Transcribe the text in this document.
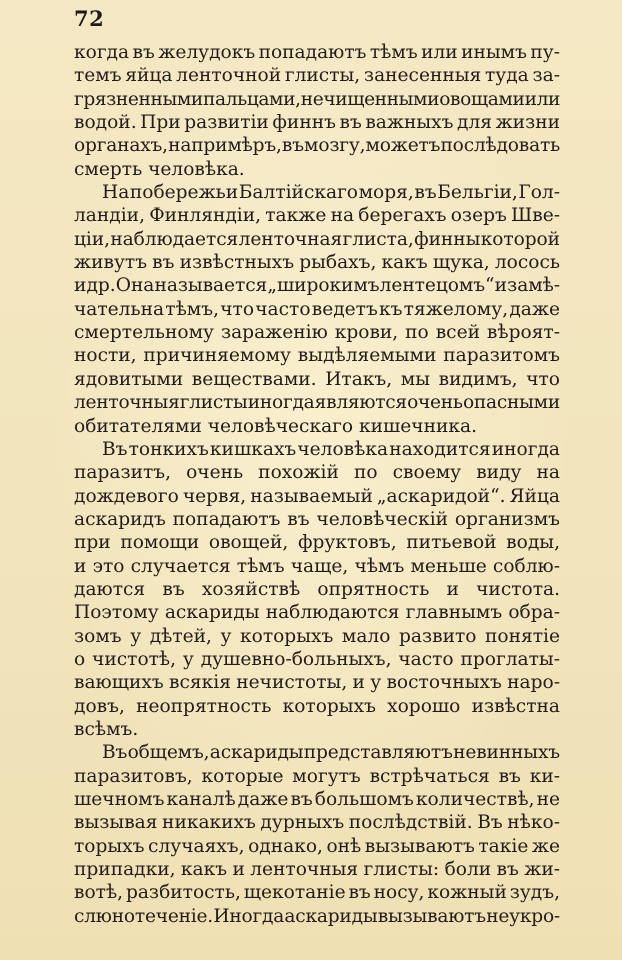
72
когда въ желудокъ попадаютъ тѣмъ или инымъ пу-
темъ яйца ленточной глисты, занесенныя туда за-
грязненными пальцами, нечищенными овощами или
водой. При развитіи финнъ въ важныхъ для жизни
органахъ, напримѣръ, въ мозгу, можетъ послѣдовать
смерть человѣка.
На побережьи Балтійскаго моря, въ Бельгіи, Гол-
ландіи, Финляндіи, также на берегахъ озеръ Шве-
ціи, наблюдается ленточная глиста, финны которой
живутъ въ извѣстныхъ рыбахъ, какъ щука, лосось
и др. Она называется „широкимъ лентецомъ“ и замѣ-
чательна тѣмъ, что часто ведетъ къ тяжелому, даже
смертельному зараженію крови, по всей вѣроят-
ности, причиняемому выдѣляемыми паразитомъ
ядовитыми веществами. Итакъ, мы видимъ, что
ленточныя глисты иногда являются очень опасными
обитателями человѣческаго кишечника.
Въ тонкихъ кишкахъ человѣка находится иногда
паразитъ, очень похожій по своему виду на
дождевого червя, называемый „аскаридой“. Яйца
аскаридъ попадаютъ въ человѣческій организмъ
при помощи овощей, фруктовъ, питьевой воды,
и это случается тѣмъ чаще, чѣмъ меньше соблю-
даются въ хозяйствѣ опрятность и чистота.
Поэтому аскариды наблюдаются главнымъ обра-
зомъ у дѣтей, у которыхъ мало развито понятіе
о чистотѣ, у душевно-больныхъ, часто проглаты-
вающихъ всякія нечистоты, и у восточныхъ наро-
довъ, неопрятность которыхъ хорошо извѣстна
всѣмъ.
Въ общемъ, аскариды представляютъ невинныхъ
паразитовъ, которые могутъ встрѣчаться въ ки-
шечномъ каналѣ даже въ большомъ количествѣ, не
вызывая никакихъ дурныхъ послѣдствій. Въ нѣко-
торыхъ случаяхъ, однако, онѣ вызываютъ такіе же
припадки, какъ и ленточныя глисты: боли въ жи-
вотѣ, разбитость, щекотаніе въ носу, кожный зудъ,
слюнотеченіе. Иногда аскариды вызываютъ неукро-
